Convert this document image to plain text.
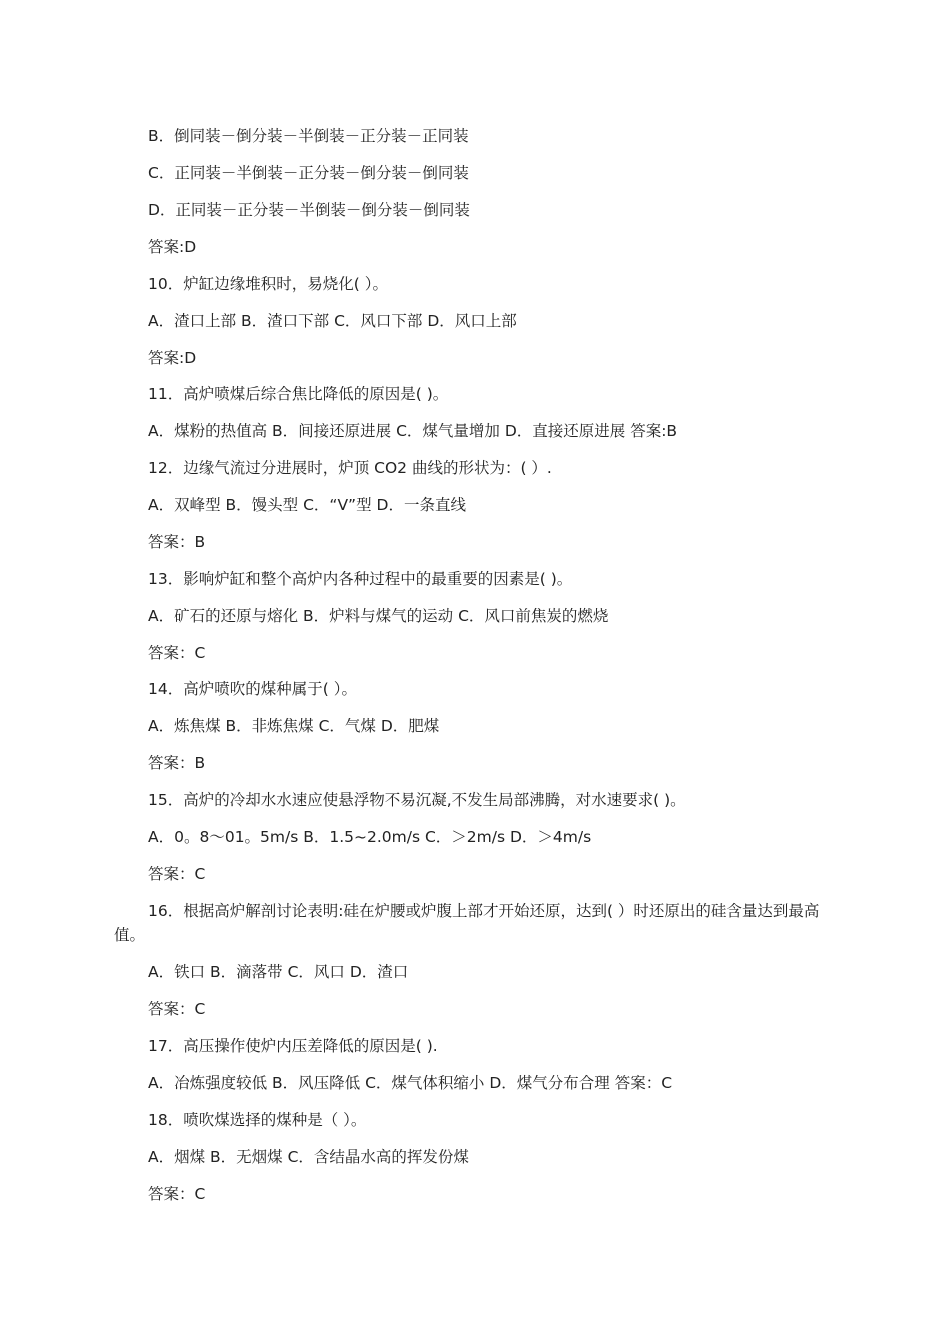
B．倒同装－倒分装－半倒装－正分装－正同装
C．正同装－半倒装－正分装－倒分装－倒同装
D．正同装－正分装－半倒装－倒分装－倒同装
答案:D
10．炉缸边缘堆积时，易烧化( ）。
A．渣口上部 B．渣口下部 C．风口下部 D．风口上部
答案:D
11．高炉喷煤后综合焦比降低的原因是( )。
A．煤粉的热值高 B．间接还原进展 C．煤气量增加 D．直接还原进展 答案:B
12．边缘气流过分进展时，炉顶 CO2 曲线的形状为：( ）.
A．双峰型 B．馒头型 C．“V”型 D．一条直线
答案：B
13．影响炉缸和整个高炉内各种过程中的最重要的因素是( )。
A．矿石的还原与熔化 B．炉料与煤气的运动 C．风口前焦炭的燃烧
答案：C
14．高炉喷吹的煤种属于( ）。
A．炼焦煤 B．非炼焦煤 C．气煤 D．肥煤
答案：B
15．高炉的冷却水水速应使悬浮物不易沉凝,不发生局部沸腾，对水速要求( )。
A．0。8～01。5m/s B．1.5~2.0m/s C．＞2m/s D．＞4m/s
答案：C
16．根据高炉解剖讨论表明:硅在炉腰或炉腹上部才开始还原，达到( ）时还原出的硅含量达到最高值。
A．铁口 B．滴落带 C．风口 D．渣口
答案：C
17．高压操作使炉内压差降低的原因是( ).
A．冶炼强度较低 B．风压降低 C．煤气体积缩小 D．煤气分布合理 答案：C
18．喷吹煤选择的煤种是（ ）。
A．烟煤 B．无烟煤 C．含结晶水高的挥发份煤
答案：C
